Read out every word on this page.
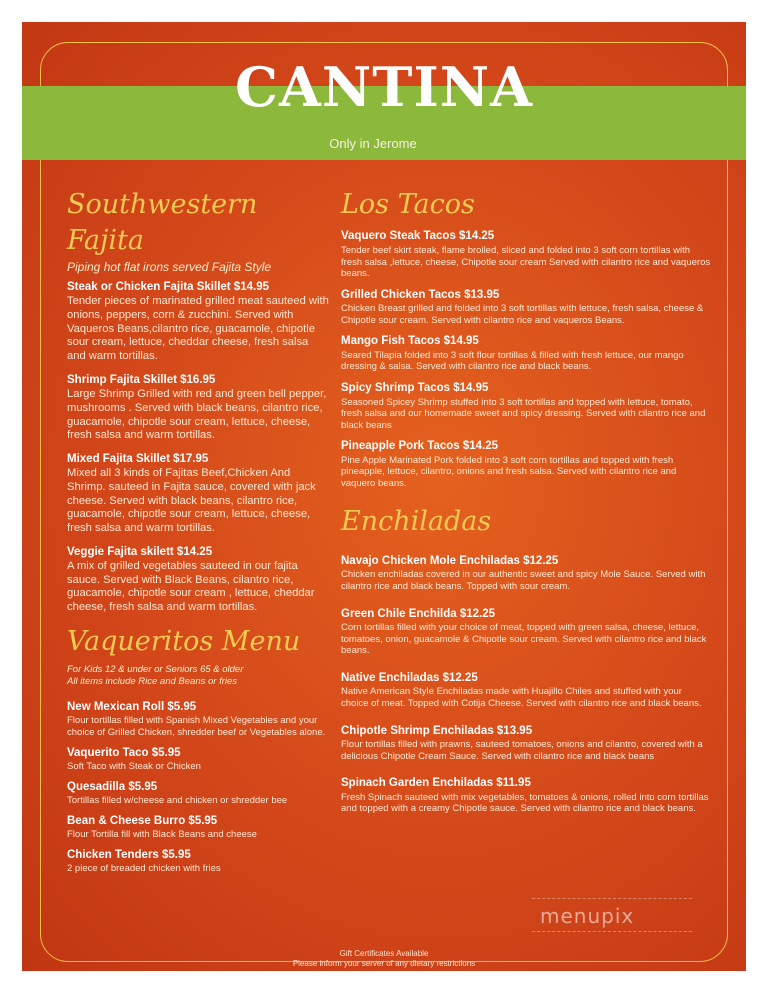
CANTINA
Only in Jerome
Southwestern Fajita
Piping hot flat irons served Fajita Style
Steak or Chicken Fajita Skillet $14.95
Tender pieces of marinated grilled meat sauteed with onions, peppers, corn & zucchini. Served with Vaqueros Beans,cilantro rice, guacamole, chipotle sour cream, lettuce, cheddar cheese, fresh salsa and warm tortillas.
Shrimp Fajita Skillet $16.95
Large Shrimp Grilled with red and green bell pepper, mushrooms . Served with black beans, cilantro rice, guacamole, chipotle sour cream, lettuce, cheese, fresh salsa and warm tortillas.
Mixed Fajita Skillet $17.95
Mixed all 3 kinds of Fajitas Beef,Chicken And Shrimp. sauteed in Fajita sauce, covered with jack cheese. Served with black beans, cilantro rice, guacamole, chipotle sour cream, lettuce, cheese, fresh salsa and warm tortillas.
Veggie Fajita skilett $14.25
A mix of grilled vegetables sauteed in our fajita sauce. Served with Black Beans, cilantro rice, guacamole, chipotle sour cream , lettuce, cheddar cheese, fresh salsa and warm tortillas.
Vaqueritos Menu
For Kids 12 & under or Seniors 65 & older
All items include Rice and Beans or fries
New Mexican Roll $5.95
Flour tortillas filled with Spanish Mixed Vegetables and your choice of Grilled Chicken, shredder beef or Vegetables alone.
Vaquerito Taco $5.95
Soft Taco with Steak or Chicken
Quesadilla $5.95
Tortillas filled w/cheese and chicken or shredder bee
Bean & Cheese Burro $5.95
Flour Tortilla fill with Black Beans and cheese
Chicken Tenders $5.95
2 piece of breaded chicken with fries
Los Tacos
Vaquero Steak Tacos $14.25
Tender beef skirt steak, flame broiled, sliced and folded into 3 soft corn tortillas with fresh salsa ,lettuce, cheese, Chipotle sour cream Served with cilantro rice and vaqueros beans.
Grilled Chicken Tacos $13.95
Chicken Breast grilled and folded into 3 soft tortillas with lettuce, fresh salsa, cheese & Chipotle sour cream. Served with cilantro rice and vaqueros Beans.
Mango Fish Tacos $14.95
Seared Tilapia folded into 3 soft flour tortillas & filled with fresh lettuce, our mango dressing & salsa. Served with cilantro rice and black beans.
Spicy Shrimp Tacos $14.95
Seasoned Spicey Shrimp stuffed into 3 soft tortillas and topped with lettuce, tomato, fresh salsa and our homemade sweet and spicy dressing. Served with cilantro rice and black beans
Pineapple Pork Tacos $14.25
Pine Apple Marinated Pork folded into 3 soft corn tortillas and topped with fresh pineapple, lettuce, cilantro, onions and fresh salsa. Served with cilantro rice and vaquero beans.
Enchiladas
Navajo Chicken Mole Enchiladas $12.25
Chicken enchiladas covered in our authentic sweet and spicy Mole Sauce. Served with cilantro rice and black beans. Topped with sour cream.
Green Chile Enchilda $12.25
Corn tortillas filled with your choice of meat, topped with green salsa, cheese, lettuce, tomatoes, onion, guacamole & Chipotle sour cream. Served with cilantro rice and black beans.
Native Enchiladas $12.25
Native American Style Enchiladas made with Huajillo Chiles and stuffed with your choice of meat. Topped with Cotija Cheese. Served with cilantro rice and black beans.
Chipotle Shrimp Enchiladas $13.95
Flour tortillas filled with prawns, sauteed tomatoes, onions and cilantro, covered with a delicious Chipotle Cream Sauce. Served with cilantro rice and black beans
Spinach Garden Enchiladas $11.95
Fresh Spinach sauteed with mix vegetables, tomatoes & onions, rolled into corn tortillas and topped with a creamy Chipotle sauce. Served with cilantro rice and black beans.
menupix
Gift Certificates Available
Please inform your server of any dietary restrictions
